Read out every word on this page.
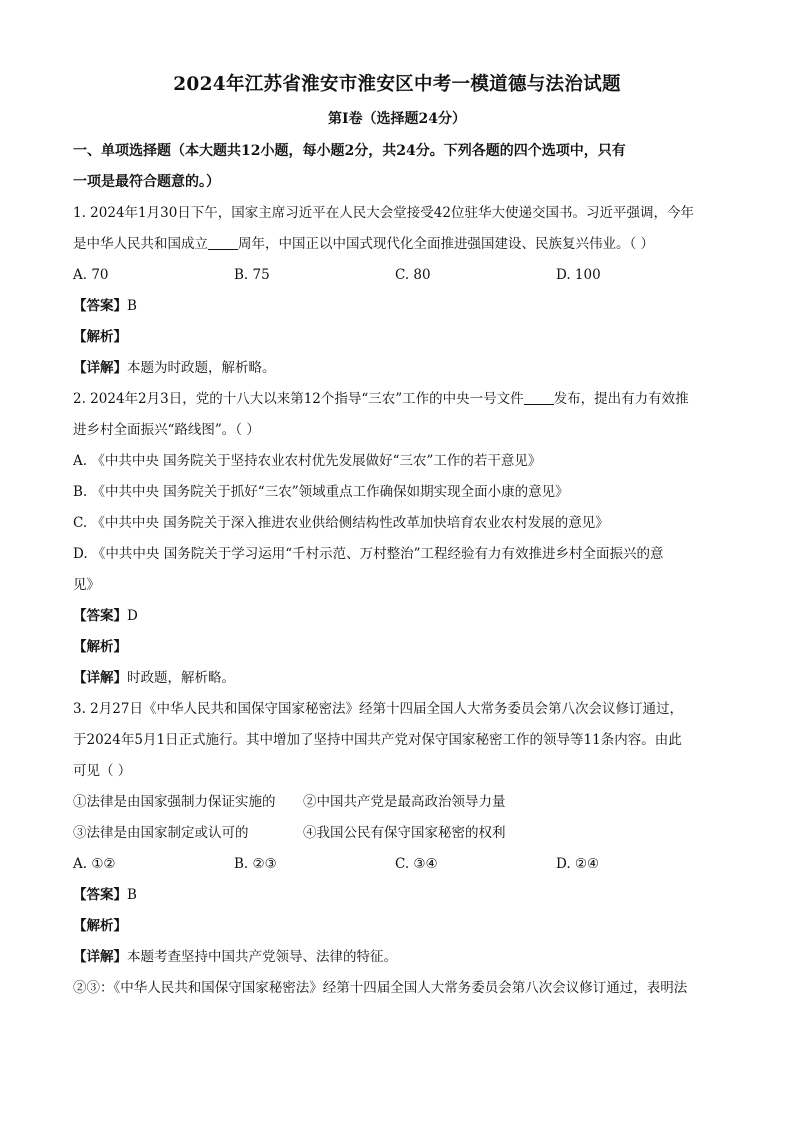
2024年江苏省淮安市淮安区中考一模道德与法治试题
第Ⅰ卷（选择题24分）
一、单项选择题（本大题共12小题，每小题2分，共24分。下列各题的四个选项中，只有
一项是最符合题意的。）
1. 2024年1月30日下午，国家主席习近平在人民大会堂接受42位驻华大使递交国书。习近平强调，今年
是中华人民共和国成立 周年，中国正以中国式现代化全面推进强国建设、民族复兴伟业。（ ）
A. 70	B. 75	C. 80	D. 100
【答案】B
【解析】
【详解】本题为时政题，解析略。
2. 2024年2月3日，党的十八大以来第12个指导“三农”工作的中央一号文件 发布，提出有力有效推
进乡村全面振兴“路线图”。（ ）
A. 《中共中央 国务院关于坚持农业农村优先发展做好“三农”工作的若干意见》
B. 《中共中央 国务院关于抓好“三农”领域重点工作确保如期实现全面小康的意见》
C. 《中共中央 国务院关于深入推进农业供给侧结构性改革加快培育农业农村发展的意见》
D. 《中共中央 国务院关于学习运用“千村示范、万村整治”工程经验有力有效推进乡村全面振兴的意
见》
【答案】D
【解析】
【详解】时政题，解析略。
3. 2月27日《中华人民共和国保守国家秘密法》经第十四届全国人大常务委员会第八次会议修订通过，
于2024年5月1日正式施行。其中增加了坚持中国共产党对保守国家秘密工作的领导等11条内容。由此
可见（ ）
①法律是由国家强制力保证实施的	②中国共产党是最高政治领导力量
③法律是由国家制定或认可的	④我国公民有保守国家秘密的权利
A. ①②	B. ②③	C. ③④	D. ②④
【答案】B
【解析】
【详解】本题考查坚持中国共产党领导、法律的特征。
②③：《中华人民共和国保守国家秘密法》经第十四届全国人大常务委员会第八次会议修订通过，表明法
